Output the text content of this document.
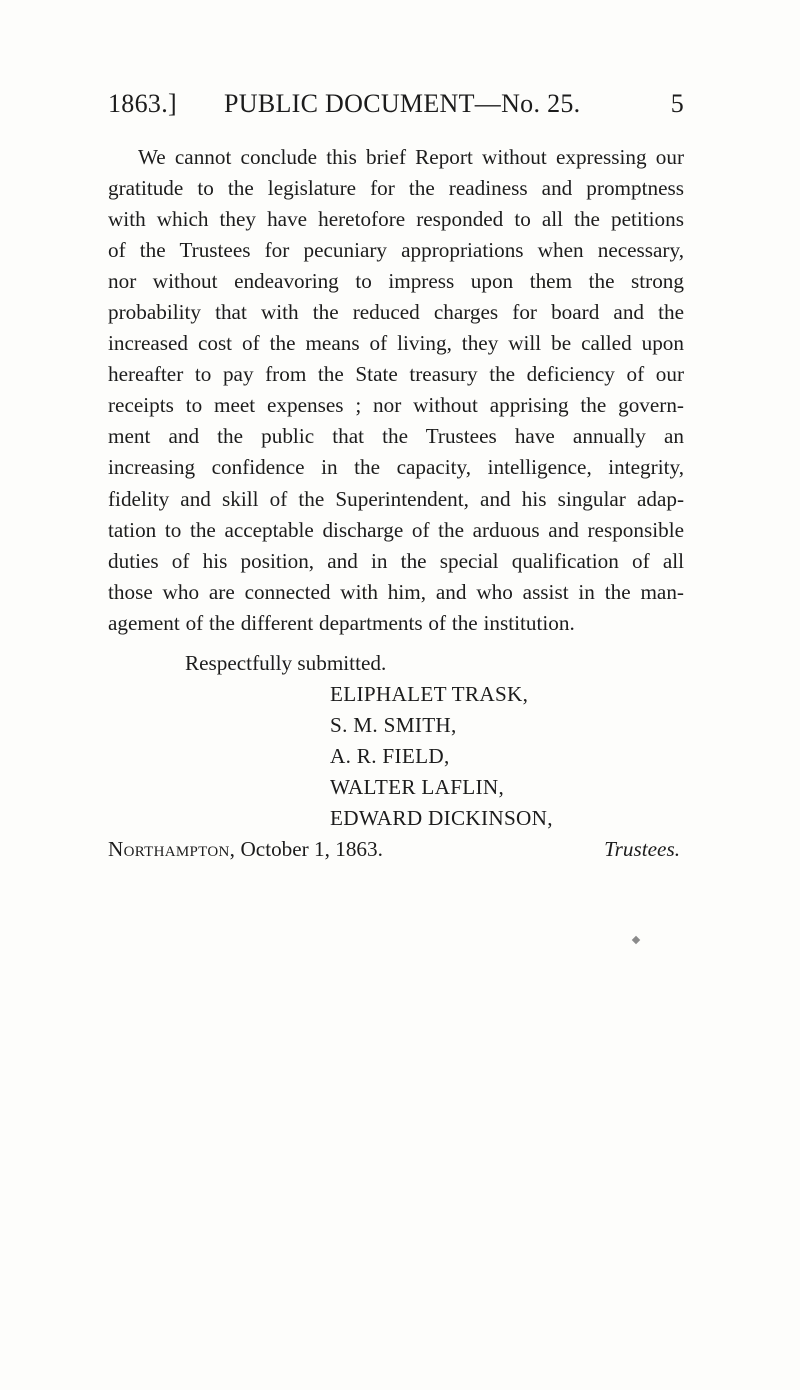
1863.] PUBLIC DOCUMENT—No. 25.	5
We cannot conclude this brief Report without expressing our
gratitude to the legislature for the readiness and promptness
with which they have heretofore responded to all the petitions
of the Trustees for pecuniary appropriations when necessary,
nor without endeavoring to impress upon them the strong
probability that with the reduced charges for board and the
increased cost of the means of living, they will be called upon
hereafter to pay from the State treasury the deficiency of our
receipts to meet expenses ; nor without apprising the govern-
ment and the public that the Trustees have annually an
increasing confidence in the capacity, intelligence, integrity,
fidelity and skill of the Superintendent, and his singular adap-
tation to the acceptable discharge of the arduous and responsible
duties of his position, and in the special qualification of all
those who are connected with him, and who assist in the man-
agement of the different departments of the institution.
Respectfully submitted.
ELIPHALET TRASK,
S. M. SMITH,
A. R. FIELD,
WALTER LAFLIN,
EDWARD DICKINSON,
Trustees.
Northampton, October 1, 1863.
